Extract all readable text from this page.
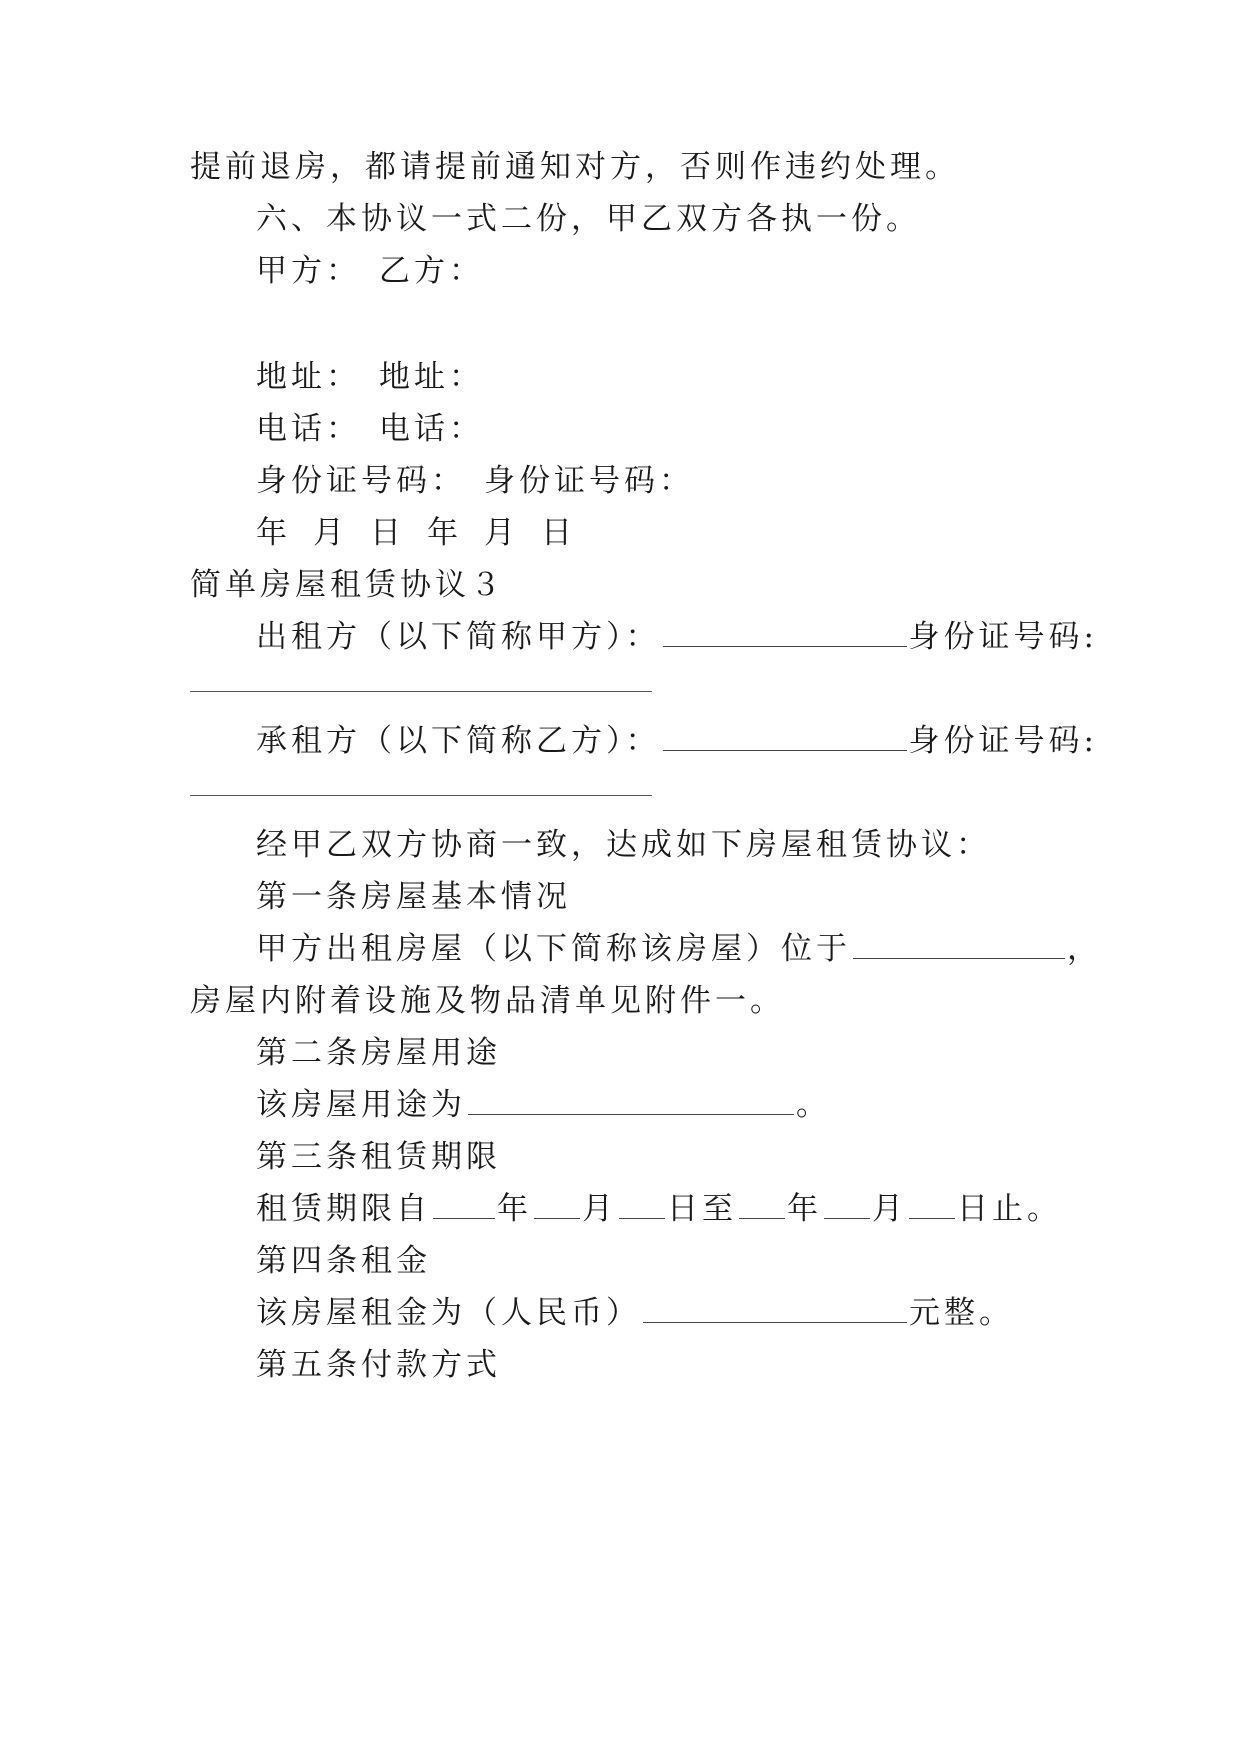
提前退房，都请提前通知对方，否则作违约处理。
六、本协议一式二份，甲乙双方各执一份。
甲方： 乙方：
地址： 地址：
电话： 电话：
身份证号码： 身份证号码：
年 月 日 年 月 日
简单房屋租赁协议３
出租方（以下简称甲方）：	身份证号码:
承租方（以下简称乙方）：	身份证号码:
经甲乙双方协商一致，达成如下房屋租赁协议：
第一条房屋基本情况
甲方出租房屋（以下简称该房屋）位于	，
房屋内附着设施及物品清单见附件一。
第二条房屋用途
该房屋用途为	。
第三条租赁期限
租赁期限自 年 月 日至 年 月 日止。
第四条租金
该房屋租金为（人民币）	元整。
第五条付款方式
